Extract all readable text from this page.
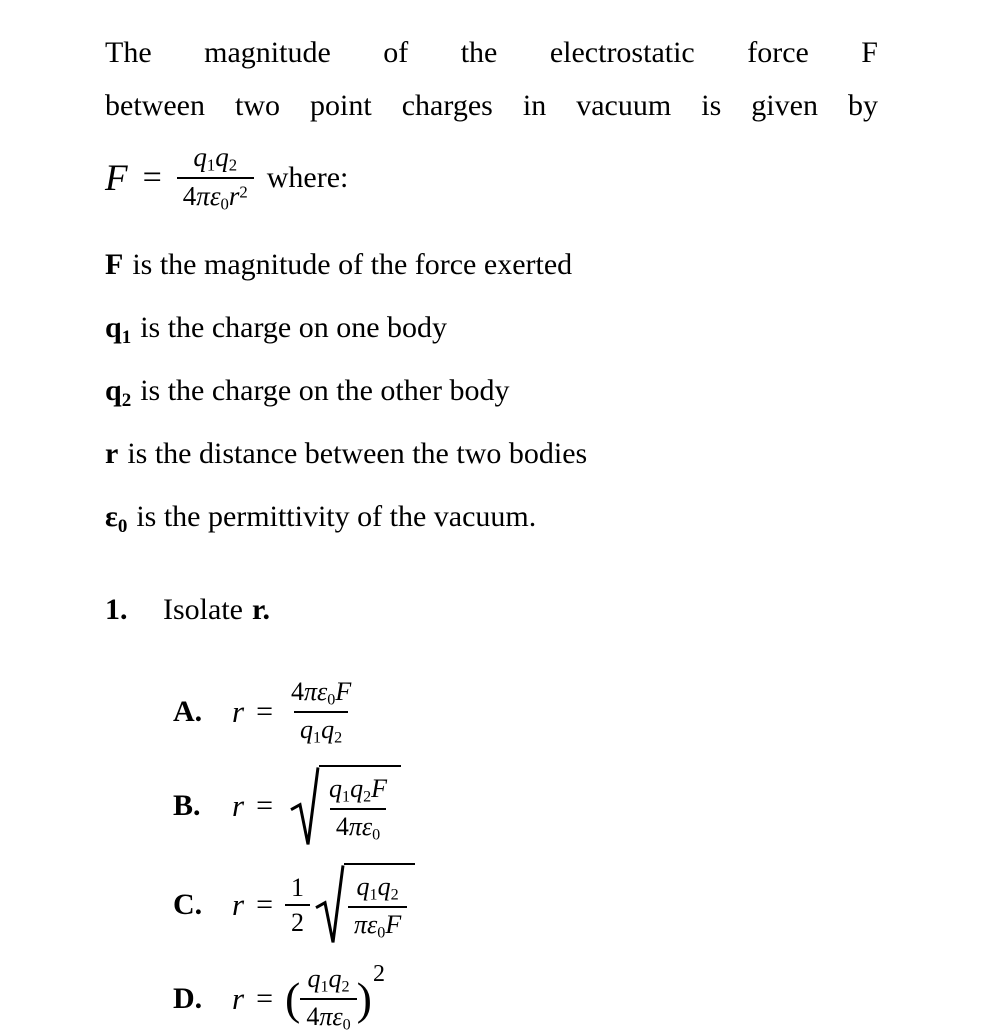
The magnitude of the electrostatic force F
between two point charges in vacuum is given by
$F = \frac{q1q2}{4\pi\varepsilon 0r^2}$ where:
F is the magnitude of the force exerted
$q_1$ is the charge on one body
$q_2$ is the charge on the other body
r is the distance between the two bodies
$\varepsilon_0$ is the permittivity of the vacuum.
1.	Isolate r.
A. $r = \frac{4\pi\varepsilon 0F}{q1q2}$
B.	$r = \frac{q1q2F}{4\pi\varepsilon 0}$
C. $r = \frac{1}{2} \frac{q1q2}{\pi\varepsilon 0F}$
D. r = ( $\frac{q1q2}{4\pi\varepsilon 0}$ ) 2
